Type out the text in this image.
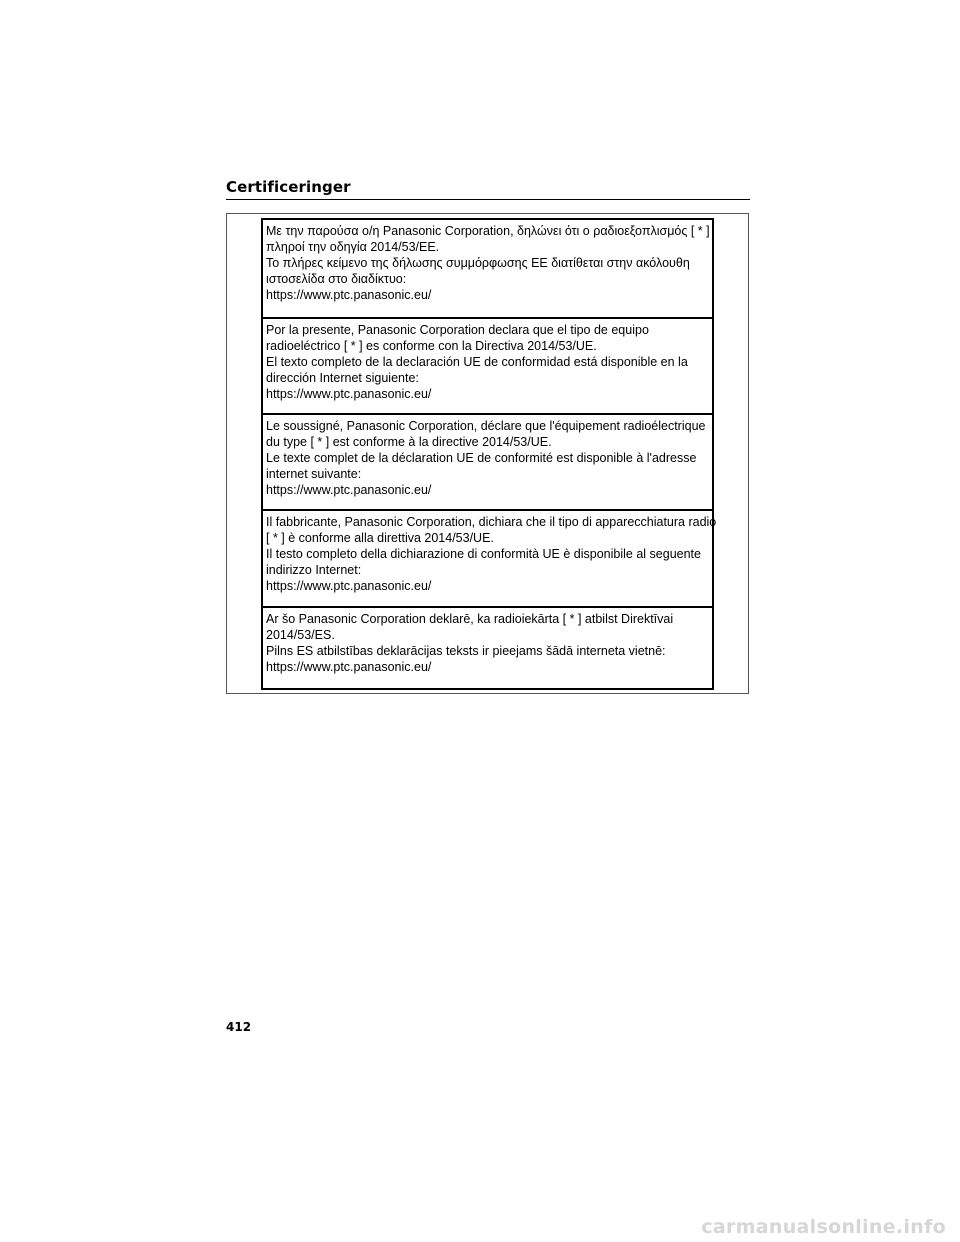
Certificeringer
Με την παρούσα ο/η Panasonic Corporation, δηλώνει ότι ο ραδιοεξοπλισμός [ * ]
πληροί την οδηγία 2014/53/ΕΕ.
Το πλήρες κείμενο της δήλωσης συμμόρφωσης ΕΕ διατίθεται στην ακόλουθη
ιστοσελίδα στο διαδίκτυο:
https://www.ptc.panasonic.eu/
Por la presente, Panasonic Corporation declara que el tipo de equipo
radioeléctrico [ * ] es conforme con la Directiva 2014/53/UE.
El texto completo de la declaración UE de conformidad está disponible en la
dirección Internet siguiente:
https://www.ptc.panasonic.eu/
Le soussigné, Panasonic Corporation, déclare que l'équipement radioélectrique
du type [ * ] est conforme à la directive 2014/53/UE.
Le texte complet de la déclaration UE de conformité est disponible à l'adresse
internet suivante:
https://www.ptc.panasonic.eu/
Il fabbricante, Panasonic Corporation, dichiara che il tipo di apparecchiatura radio
[ * ] è conforme alla direttiva 2014/53/UE.
Il testo completo della dichiarazione di conformità UE è disponibile al seguente
indirizzo Internet:
https://www.ptc.panasonic.eu/
Ar šo Panasonic Corporation deklarē, ka radioiekārta [ * ] atbilst Direktīvai
2014/53/ES.
Pilns ES atbilstības deklarācijas teksts ir pieejams šādā interneta vietnē:
https://www.ptc.panasonic.eu/
412
carmanualsonline.info
